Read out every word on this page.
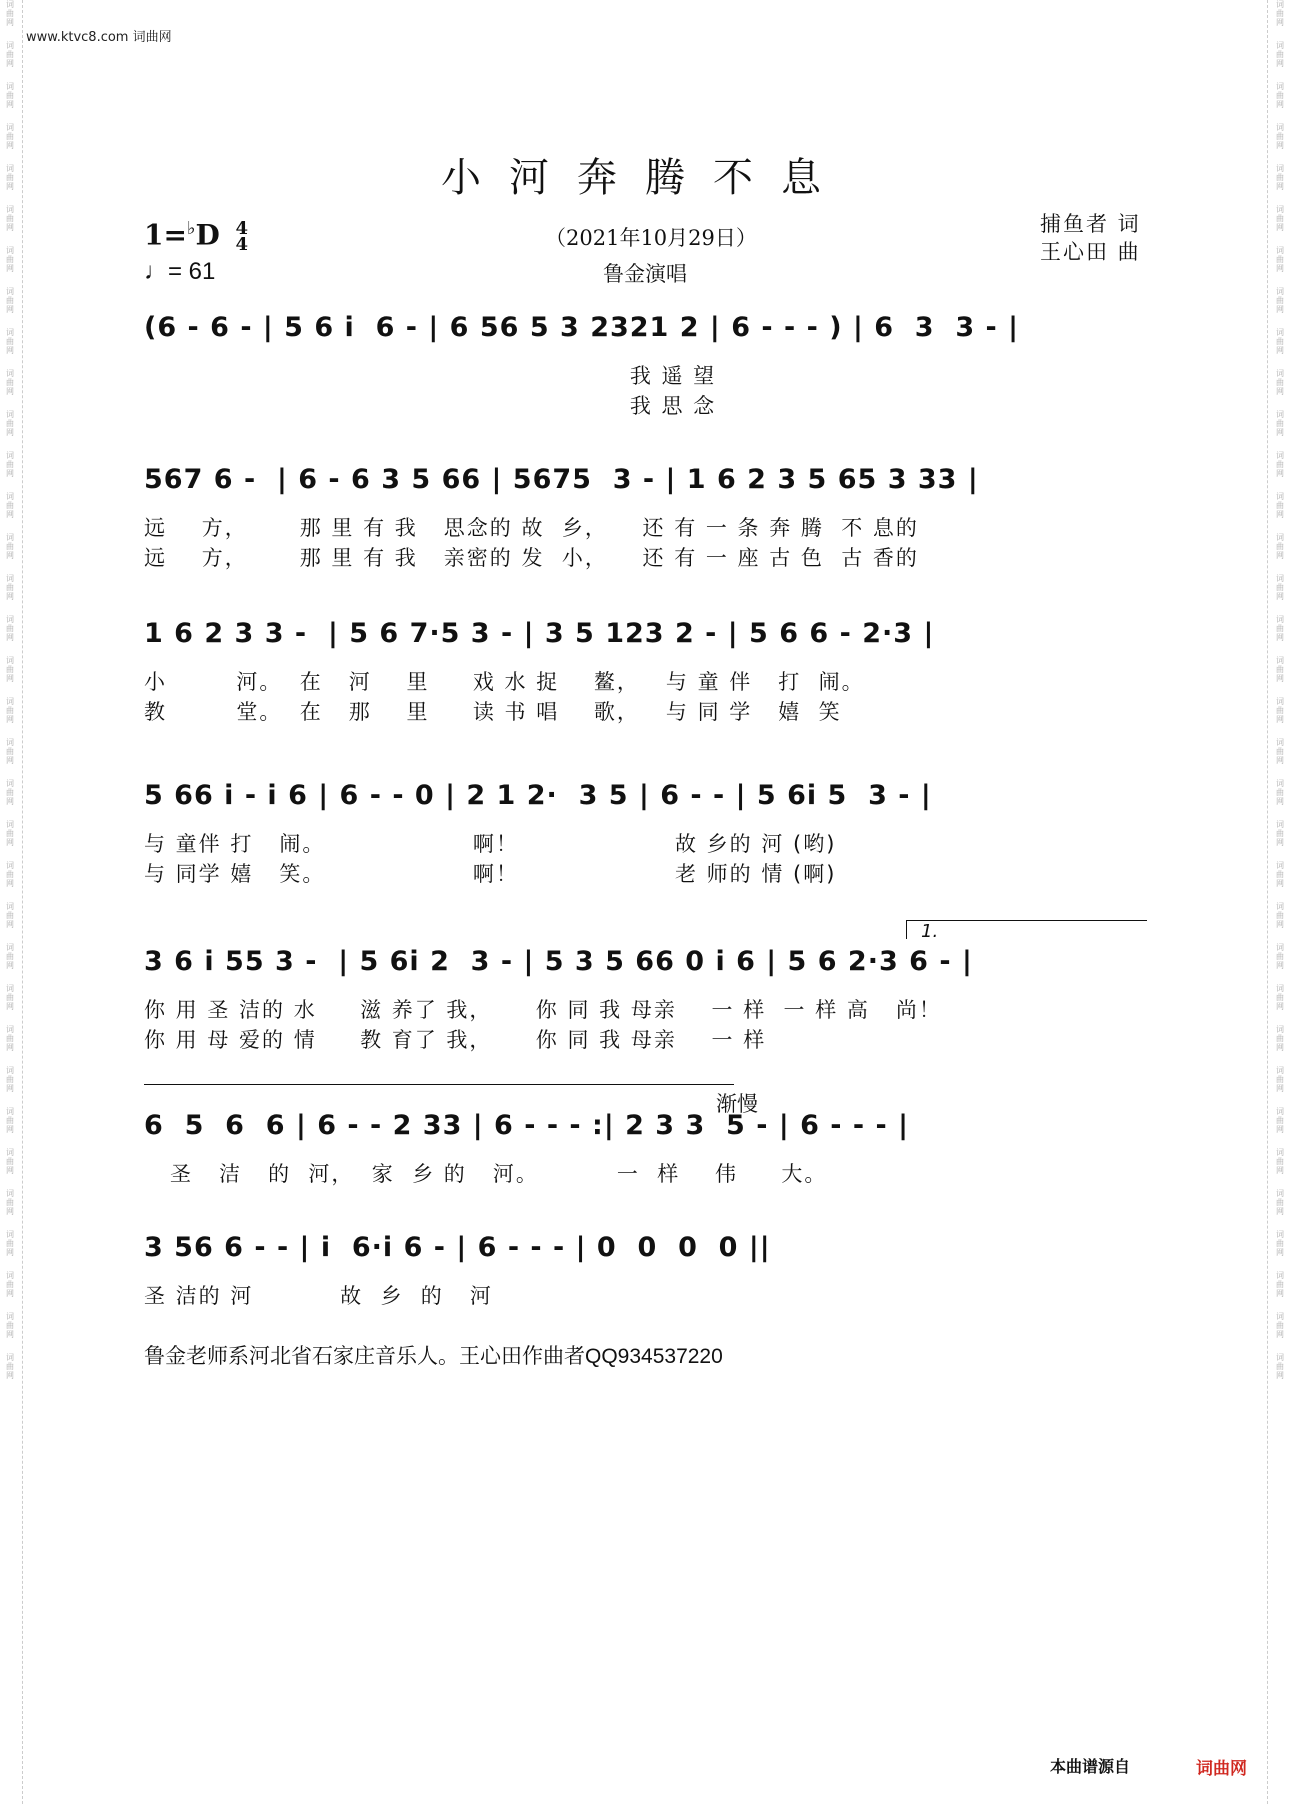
词
曲
网
词
曲
网
词
曲
网
词
曲
网
词
曲
网
词
曲
网
词
曲
网
词
曲
网
词
曲
网
词
曲
网
词
曲
网
词
曲
网
词
曲
网
词
曲
网
词
曲
网
词
曲
网
词
曲
网
词
曲
网
词
曲
网
词
曲
网
词
曲
网
词
曲
网
词
曲
网
词
曲
网
词
曲
网
词
曲
网
词
曲
网
词
曲
网
词
曲
网
词
曲
网
词
曲
网
词
曲
网
词
曲
网
词
曲
网
词
曲
网
词
曲
网
词
曲
网
词
曲
网
词
曲
网
词
曲
网
词
曲
网
词
曲
网
词
曲
网
词
曲
网
词
曲
网
词
曲
网
词
曲
网
词
曲
网
词
曲
网
词
曲
网
词
曲
网
词
曲
网
词
曲
网
词
曲
网
词
曲
网
词
曲
网
词
曲
网
词
曲
网
词
曲
网
词
曲
网
词
曲
网
词
曲
网
词
曲
网
词
曲
网
词
曲
网
词
曲
网
词
曲
网
词
曲
网
www.ktvc8.com 词曲网
小河奔腾不息
1=♭D 4
4
♩= 61
（2021年10月29日）
鲁金演唱
捕鱼者 词
王心田 曲
(6 - 6 - | 5 6 i  6 - | 6 56 5 3 2321 2 | 6 - - - ) | 6  3  3 - |
我 遥 望
我 思 念
567 6 -  | 6 - 6 3 5 66 | 5675  3 - | 1 6 2 3 5 65 3 33 |
远    方，      那 里 有 我   思念的 故  乡，    还 有 一 条 奔 腾  不 息的
远    方，      那 里 有 我   亲密的 发  小，    还 有 一 座 古 色  古 香的
1 6 2 3 3 -  | 5 6 7·5 3 - | 3 5 123 2 - | 5 6 6 - 2·3 |
小        河。  在   河    里     戏 水 捉    鳌，   与 童 伴   打  闹。
教        堂。  在   那    里     读 书 唱    歌，   与 同 学   嬉  笑
5 66 i - i 6 | 6 - - 0 | 2 1 2·  3 5 | 6 - - | 5 6i 5  3 - |
与 童伴 打   闹。                 啊！                  故 乡的 河 (哟)
与 同学 嬉   笑。                 啊！                  老 师的 情 (啊)
3 6 i 55 3 -  | 5 6i 2  3 - | 5 3 5 66 0 i 6 | 5 6 2·3 6 - |
你 用 圣 洁的 水     滋 养了 我，     你 同 我 母亲    一 样  一 样 高   尚！
你 用 母 爱的 情     教 育了 我，     你 同 我 母亲    一 样
6  5  6  6 | 6 - - 2 33 | 6 - - - :| 2 3 3  5 - | 6 - - - |
圣   洁   的  河，  家  乡 的   河。         一  样    伟     大。
3 56 6 - - | i  6·i 6 - | 6 - - - | 0  0  0  0 ||
圣 洁的 河          故  乡  的   河
1.
渐慢
鲁金老师系河北省石家庄音乐人。王心田作曲者QQ934537220
本曲谱源自	词曲网
